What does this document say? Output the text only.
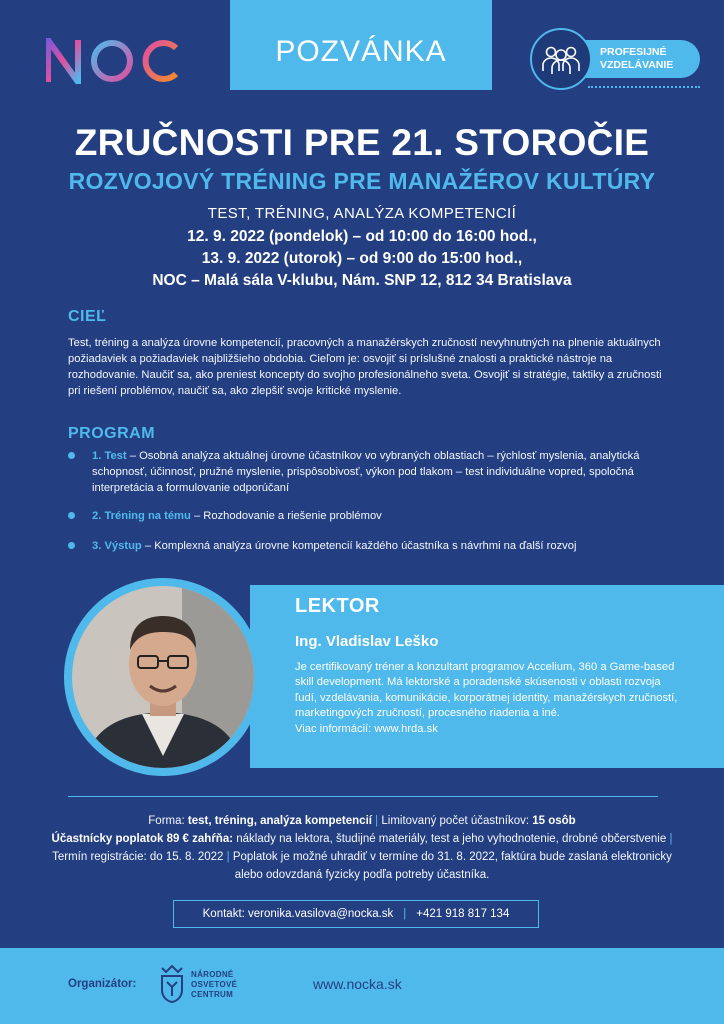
NOC	POZVÁNKA	PROFESIJNÉ
VZDELÁVANIE
ZRUČNOSTI PRE 21. STOROČIE
ROZVOJOVÝ TRÉNING PRE MANAŽÉROV KULTÚRY
TEST, TRÉNING, ANALÝZA KOMPETENCIÍ
12. 9. 2022 (pondelok) – od 10:00 do 16:00 hod.,
13. 9. 2022 (utorok) – od 9:00 do 15:00 hod.,
NOC – Malá sála V-klubu, Nám. SNP 12, 812 34 Bratislava
CIEĽ
Test, tréning a analýza úrovne kompetencií, pracovných a manažérskych zručností nevyhnutných na plnenie aktuálnych požiadaviek a požiadaviek najbližšieho obdobia. Cieľom je: osvojiť si príslušné znalosti a praktické nástroje na rozhodovanie. Naučiť sa, ako preniest koncepty do svojho profesionálneho sveta. Osvojiť si stratégie, taktiky a zručnosti pri riešení problémov, naučiť sa, ako zlepšiť svoje kritické myslenie.
PROGRAM
1. Test – Osobná analýza aktuálnej úrovne účastníkov vo vybraných oblastiach – rýchlosť myslenia, analytická schopnosť, účinnosť, pružné myslenie, prispôsobivosť, výkon pod tlakom – test individuálne vopred, spoločná interpretácia a formulovanie odporúčaní
2. Tréning na tému – Rozhodovanie a riešenie problémov
3. Výstup – Komplexná analýza úrovne kompetencií každého účastníka s návrhmi na ďalší rozvoj
LEKTOR
Ing. Vladislav Leško
Je certifikovaný tréner a konzultant programov Accelium, 360 a Game-based skill development. Má lektorské a poradenské skúsenosti v oblasti rozvoja ľudí, vzdelávania, komunikácie, korporátnej identity, manažérskych zručností, marketingových zručností, procesného riadenia a iné.
Viac informácií: www.hrda.sk
Forma: test, tréning, analýza kompetencií | Limitovaný počet účastníkov: 15 osôb
Účastnícky poplatok 89 € zahŕňa: náklady na lektora, študijné materiály, test a jeho vyhodnotenie, drobné občerstvenie | Termín registrácie: do 15. 8. 2022 | Poplatok je možné uhradiť v termíne do 31. 8. 2022, faktúra bude zaslaná elektronicky alebo odovzdaná fyzicky podľa potreby účastníka.
Kontakt: veronika.vasilova@nocka.sk | +421 918 817 134
Organizátor:
NÁRODNÉ
OSVETOVÉ
CENTRUM
www.nocka.sk
